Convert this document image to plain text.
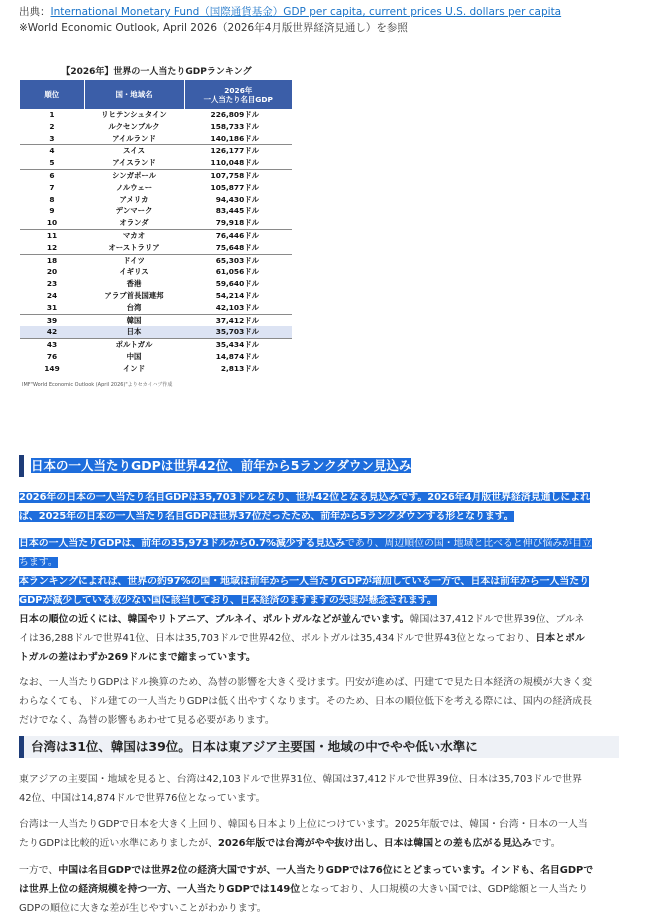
出典：International Monetary Fund（国際通貨基金）GDP per capita, current prices U.S. dollars per capita
※World Economic Outlook, April 2026（2026年4月版世界経済見通し）を参照
【2026年】世界の一人当たりGDPランキング
順位	国・地域名	2026年
一人当たり名目GDP
1	リヒテンシュタイン	226,809ドル
2	ルクセンブルク	158,733ドル
3	アイルランド	140,186ドル
4	スイス	126,177ドル
5	アイスランド	110,048ドル
6	シンガポール	107,758ドル
7	ノルウェー	105,877ドル
8	アメリカ	94,430ドル
9	デンマーク	83,445ドル
10	オランダ	79,918ドル
11	マカオ	76,446ドル
12	オーストラリア	75,648ドル
18	ドイツ	65,303ドル
20	イギリス	61,056ドル
23	香港	59,640ドル
24	アラブ首長国連邦	54,214ドル
31	台湾	42,103ドル
39	韓国	37,412ドル
42	日本	35,703ドル
43	ポルトガル	35,434ドル
76	中国	14,874ドル
149	インド	2,813ドル
IMF"World Economic Outlook (April 2026)"よりセカイハブ作成
日本の一人当たりGDPは世界42位、前年から5ランクダウン見込み
2026年の日本の一人当たり名目GDPは35,703ドルとなり、世界42位となる見込みです。2026年4月版世界経済見通しによれば、2025年の日本の一人当たり名目GDPは世界37位だったため、前年から5ランクダウンする形となります。
日本の一人当たりGDPは、前年の35,973ドルから0.7%減少する見込みであり、周辺順位の国・地域と比べると伸び悩みが目立ちます。
本ランキングによれば、世界の約97%の国・地域は前年から一人当たりGDPが増加している一方で、日本は前年から一人当たりGDPが減少している数少ない国に該当しており、日本経済のますますの失速が懸念されます。
日本の順位の近くには、韓国やリトアニア、ブルネイ、ポルトガルなどが並んでいます。韓国は37,412ドルで世界39位、ブルネイは36,288ドルで世界41位、日本は35,703ドルで世界42位、ポルトガルは35,434ドルで世界43位となっており、日本とポルトガルの差はわずか269ドルにまで縮まっています。
なお、一人当たりGDPはドル換算のため、為替の影響を大きく受けます。円安が進めば、円建てで見た日本経済の規模が大きく変わらなくても、ドル建ての一人当たりGDPは低く出やすくなります。そのため、日本の順位低下を考える際には、国内の経済成長だけでなく、為替の影響もあわせて見る必要があります。
台湾は31位、韓国は39位。日本は東アジア主要国・地域の中でやや低い水準に
東アジアの主要国・地域を見ると、台湾は42,103ドルで世界31位、韓国は37,412ドルで世界39位、日本は35,703ドルで世界42位、中国は14,874ドルで世界76位となっています。
台湾は一人当たりGDPで日本を大きく上回り、韓国も日本より上位につけています。2025年版では、韓国・台湾・日本の一人当たりGDPは比較的近い水準にありましたが、2026年版では台湾がやや抜け出し、日本は韓国との差も広がる見込みです。
一方で、中国は名目GDPでは世界2位の経済大国ですが、一人当たりGDPでは76位にとどまっています。インドも、名目GDPでは世界上位の経済規模を持つ一方、一人当たりGDPでは149位となっており、人口規模の大きい国では、GDP総額と一人当たりGDPの順位に大きな差が生じやすいことがわかります。
